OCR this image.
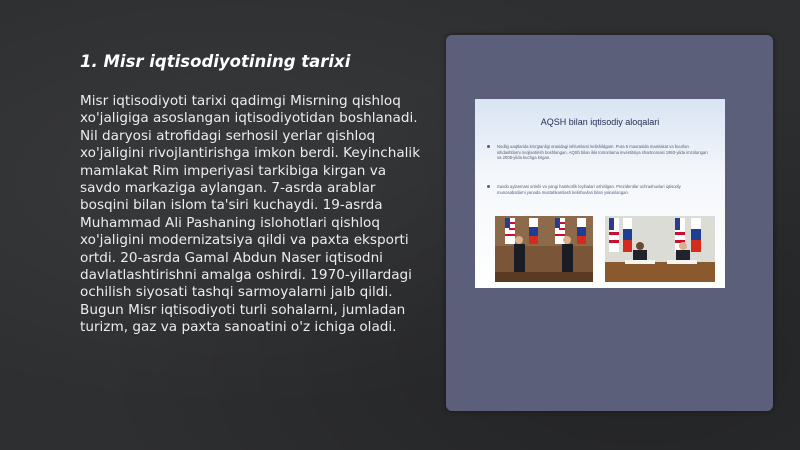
1. Misr iqtisodiyotining tarixi

Misr iqtisodiyoti tarixi qadimgi Misrning qishloq xo'jaligiga asoslangan iqtisodiyotidan boshlanadi. Nil daryosi atrofidagi serhosil yerlar qishloq xo'jaligini rivojlantirishga imkon berdi. Keyinchalik mamlakat Rim imperiyasi tarkibiga kirgan va savdo markaziga aylangan. 7-asrda arablar bosqini bilan islom ta'siri kuchaydi. 19-asrda Muhammad Ali Pashaning islohotlari qishloq xo'jaligini modernizatsiya qildi va paxta eksporti ortdi. 20-asrda Gamal Abdun Naser iqtisodni davlatlashtirishni amalga oshirdi. 1970-yillardagi ochilish siyosati tashqi sarmoyalarni jalb qildi. Bugun Misr iqtisodiyoti turli sohalarni, jumladan turizm, gaz va paxta sanoatini o'z ichiga oladi.

AQSH bilan iqtisodiy aloqalari
Nodlig uaqtlarida kmrgtanligi orasidagi ishlumlarni kelishildgam. Pura 5 muurasida mamlakat va buurlan ishdashtlarni rivojlantirish boshlangan. AQSh bilan ikki tomonlama investitsiya shartnomasi 1993-yilda imzolangan va 2008-yilda kuchga kirgan.
Savdo aylanmasi ortishi va yangi hamkorlik loyihalari oshirilgan. Prezidentlar uchrashuvlari iqtisodiy munosabatlarni yanada mustahkamlash kelishuvlari bilan yakunlangan.
